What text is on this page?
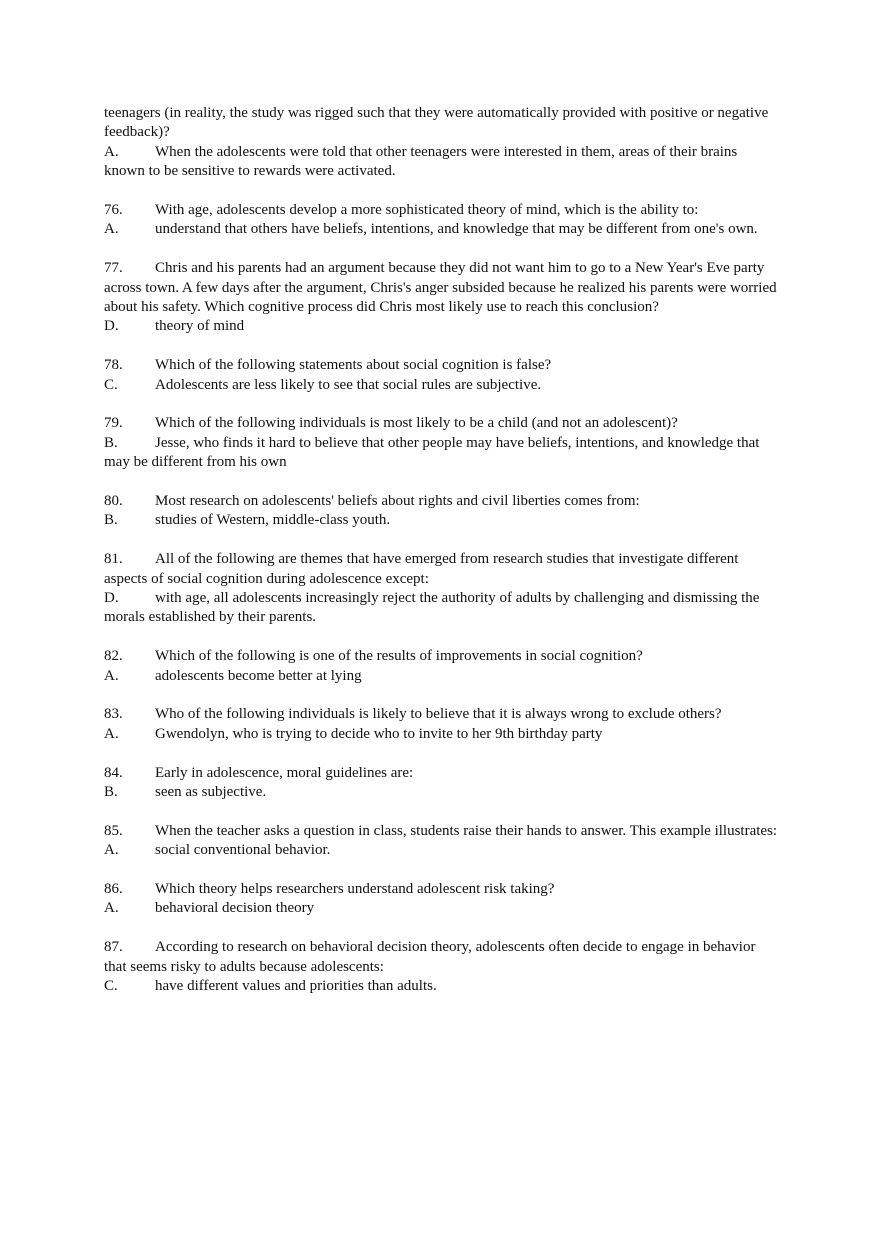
teenagers (in reality, the study was rigged such that they were automatically provided with positive or negative feedback)?

A. When the adolescents were told that other teenagers were interested in them, areas of their brains known to be sensitive to rewards were activated.

76. With age, adolescents develop a more sophisticated theory of mind, which is the ability to:

A. understand that others have beliefs, intentions, and knowledge that may be different from one's own.

77. Chris and his parents had an argument because they did not want him to go to a New Year's Eve party across town. A few days after the argument, Chris's anger subsided because he realized his parents were worried about his safety. Which cognitive process did Chris most likely use to reach this conclusion?

D. theory of mind

78. Which of the following statements about social cognition is false?

C. Adolescents are less likely to see that social rules are subjective.

79. Which of the following individuals is most likely to be a child (and not an adolescent)?

B. Jesse, who finds it hard to believe that other people may have beliefs, intentions, and knowledge that may be different from his own

80. Most research on adolescents' beliefs about rights and civil liberties comes from:

B. studies of Western, middle-class youth.

81. All of the following are themes that have emerged from research studies that investigate different aspects of social cognition during adolescence except:

D. with age, all adolescents increasingly reject the authority of adults by challenging and dismissing the morals established by their parents.

82. Which of the following is one of the results of improvements in social cognition?

A. adolescents become better at lying

83. Who of the following individuals is likely to believe that it is always wrong to exclude others?

A. Gwendolyn, who is trying to decide who to invite to her 9th birthday party

84. Early in adolescence, moral guidelines are:

B. seen as subjective.

85. When the teacher asks a question in class, students raise their hands to answer. This example illustrates:

A. social conventional behavior.

86. Which theory helps researchers understand adolescent risk taking?

A. behavioral decision theory

87. According to research on behavioral decision theory, adolescents often decide to engage in behavior that seems risky to adults because adolescents:

C. have different values and priorities than adults.
